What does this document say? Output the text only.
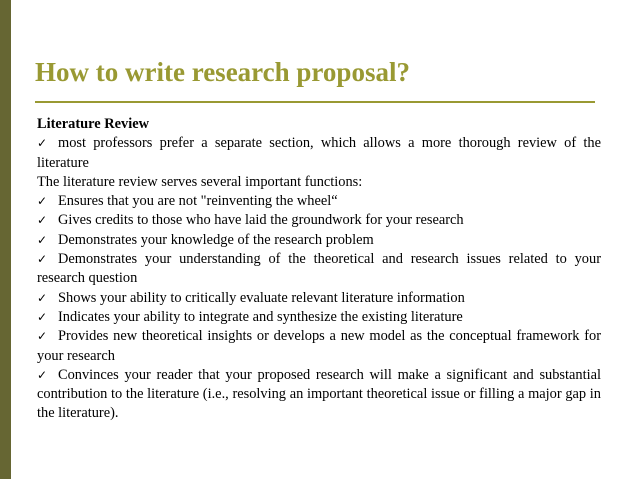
How to write research proposal?

Literature Review

✓ most professors prefer a separate section, which allows a more thorough review of the literature

The literature review serves several important functions:

✓ Ensures that you are not "reinventing the wheel“

✓ Gives credits to those who have laid the groundwork for your research

✓ Demonstrates your knowledge of the research problem

✓ Demonstrates your understanding of the theoretical and research issues related to your research question

✓ Shows your ability to critically evaluate relevant literature information

✓ Indicates your ability to integrate and synthesize the existing literature

✓ Provides new theoretical insights or develops a new model as the conceptual framework for your research

✓ Convinces your reader that your proposed research will make a significant and substantial contribution to the literature (i.e., resolving an important theoretical issue or filling a major gap in the literature).
